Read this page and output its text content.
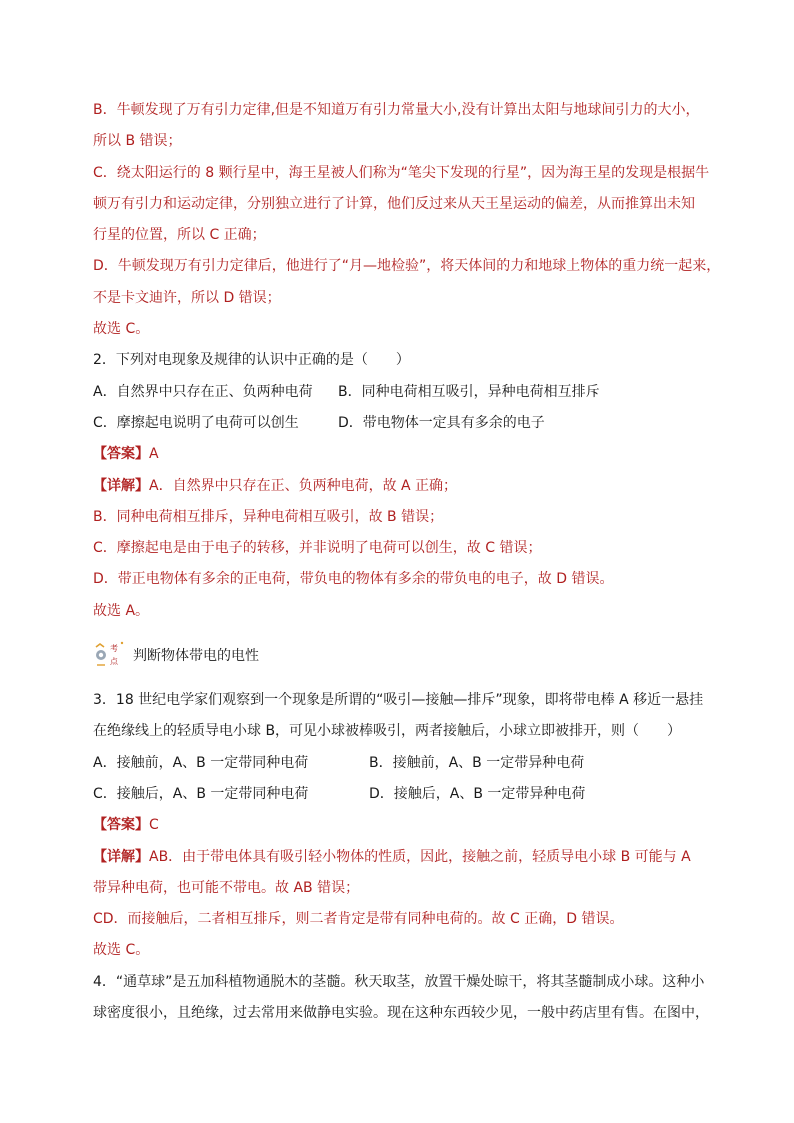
B．牛顿发现了万有引力定律,但是不知道万有引力常量大小,没有计算出太阳与地球间引力的大小，
所以 B 错误；
C．绕太阳运行的 8 颗行星中，海王星被人们称为“笔尖下发现的行星”，因为海王星的发现是根据牛
顿万有引力和运动定律，分别独立进行了计算，他们反过来从天王星运动的偏差，从而推算出未知
行星的位置，所以 C 正确；
D．牛顿发现万有引力定律后，他进行了“月—地检验”，将天体间的力和地球上物体的重力统一起来，
不是卡文迪许，所以 D 错误；
故选 C。
2．下列对电现象及规律的认识中正确的是（　　）
A．自然界中只存在正、负两种电荷	B．同种电荷相互吸引，异种电荷相互排斥
C．摩擦起电说明了电荷可以创生	D．带电物体一定具有多余的电子
【答案】A
【详解】A．自然界中只存在正、负两种电荷，故 A 正确；
B．同种电荷相互排斥，异种电荷相互吸引，故 B 错误；
C．摩擦起电是由于电子的转移，并非说明了电荷可以创生，故 C 错误；
D．带正电物体有多余的正电荷，带负电的物体有多余的带负电的电子，故 D 错误。
故选 A。
考
点 判断物体带电的电性
3．18 世纪电学家们观察到一个现象是所谓的“吸引—接触—排斥”现象，即将带电棒 A 移近一悬挂
在绝缘线上的轻质导电小球 B，可见小球被棒吸引，两者接触后，小球立即被排开，则（　　）
A．接触前，A、B 一定带同种电荷	B．接触前，A、B 一定带异种电荷
C．接触后，A、B 一定带同种电荷	D．接触后，A、B 一定带异种电荷
【答案】C
【详解】AB．由于带电体具有吸引轻小物体的性质，因此，接触之前，轻质导电小球 B 可能与 A
带异种电荷，也可能不带电。故 AB 错误；
CD．而接触后，二者相互排斥，则二者肯定是带有同种电荷的。故 C 正确，D 错误。
故选 C。
4．“通草球”是五加科植物通脱木的茎髓。秋天取茎，放置干燥处晾干，将其茎髓制成小球。这种小
球密度很小，且绝缘，过去常用来做静电实验。现在这种东西较少见，一般中药店里有售。在图中，
